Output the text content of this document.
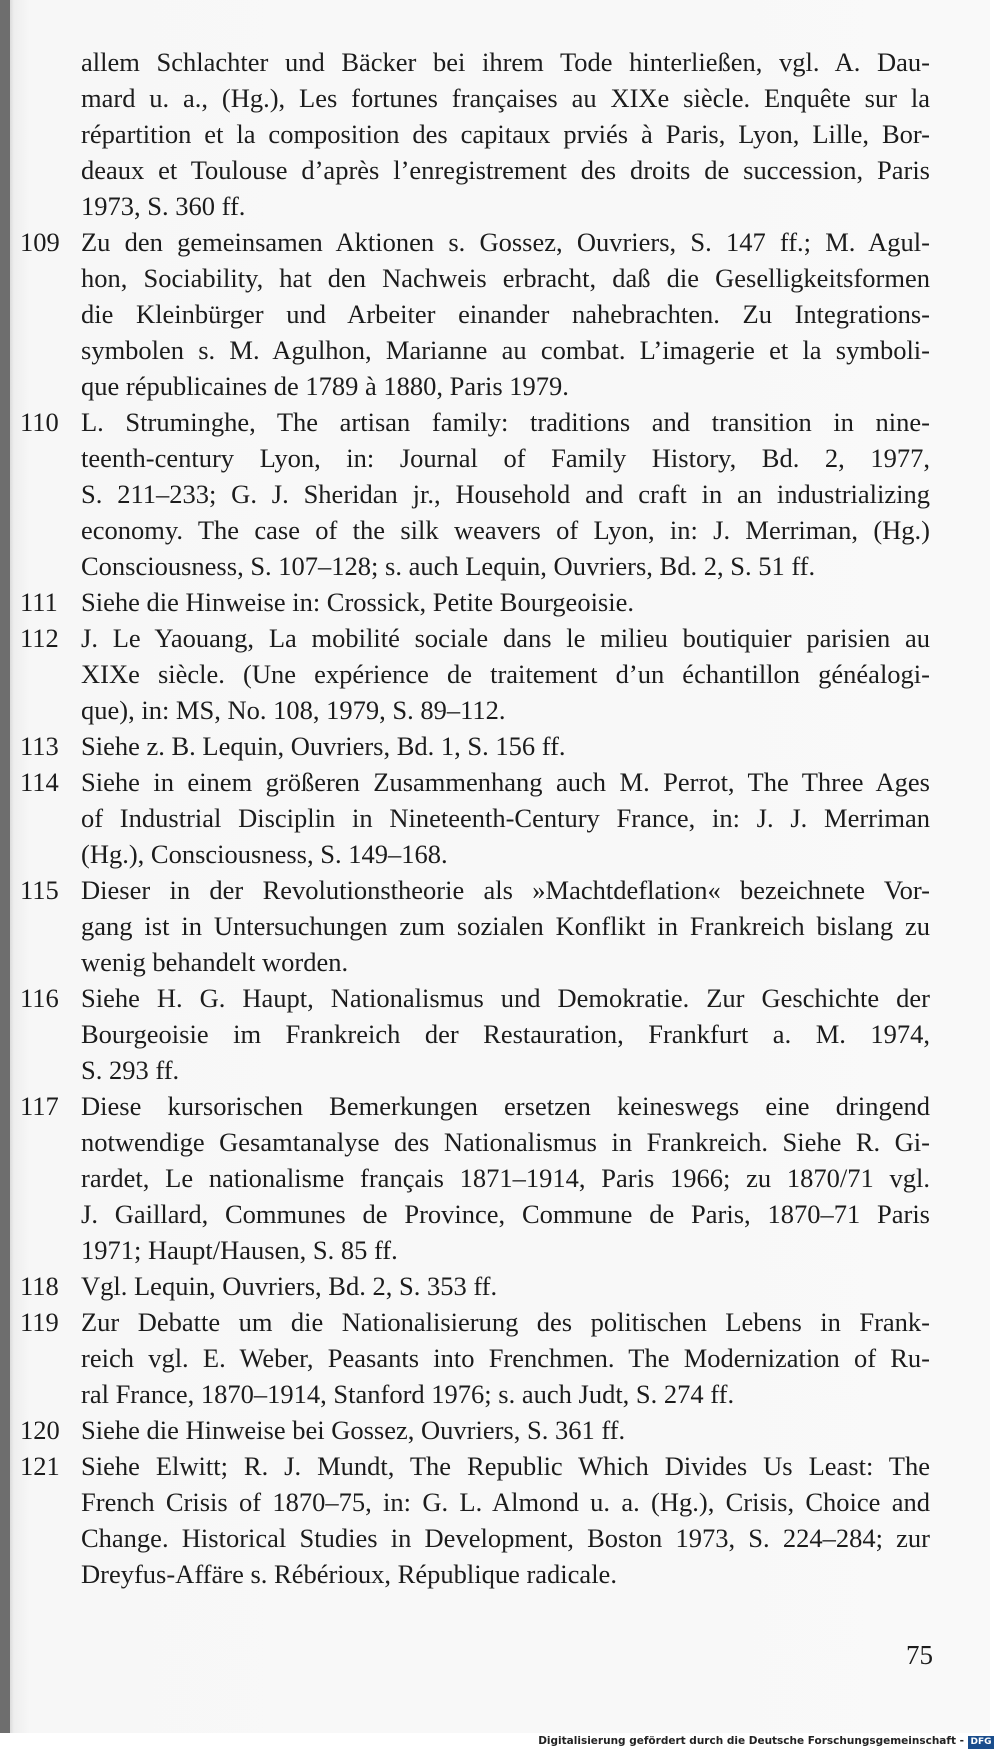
allem Schlachter und Bäcker bei ihrem Tode hinterließen, vgl. A. Dau-
mard u. a., (Hg.), Les fortunes françaises au XIXe siècle. Enquête sur la
répartition et la composition des capitaux prviés à Paris, Lyon, Lille, Bor-
deaux et Toulouse d’après l’enregistrement des droits de succession, Paris
1973, S. 360 ff.
109 Zu den gemeinsamen Aktionen s. Gossez, Ouvriers, S. 147 ff.; M. Agul-
hon, Sociability, hat den Nachweis erbracht, daß die Geselligkeitsformen
die Kleinbürger und Arbeiter einander nahebrachten. Zu Integrations-
symbolen s. M. Agulhon, Marianne au combat. L’imagerie et la symboli-
que républicaines de 1789 à 1880, Paris 1979.
110 L. Struminghe, The artisan family: traditions and transition in nine-
teenth-century Lyon, in: Journal of Family History, Bd. 2, 1977,
S. 211–233; G. J. Sheridan jr., Household and craft in an industrializing
economy. The case of the silk weavers of Lyon, in: J. Merriman, (Hg.)
Consciousness, S. 107–128; s. auch Lequin, Ouvriers, Bd. 2, S. 51 ff.
111 Siehe die Hinweise in: Crossick, Petite Bourgeoisie.
112 J. Le Yaouang, La mobilité sociale dans le milieu boutiquier parisien au
XIXe siècle. (Une expérience de traitement d’un échantillon généalogi-
que), in: MS, No. 108, 1979, S. 89–112.
113 Siehe z. B. Lequin, Ouvriers, Bd. 1, S. 156 ff.
114 Siehe in einem größeren Zusammenhang auch M. Perrot, The Three Ages
of Industrial Disciplin in Nineteenth-Century France, in: J. J. Merriman
(Hg.), Consciousness, S. 149–168.
115 Dieser in der Revolutionstheorie als »Machtdeflation« bezeichnete Vor-
gang ist in Untersuchungen zum sozialen Konflikt in Frankreich bislang zu
wenig behandelt worden.
116 Siehe H. G. Haupt, Nationalismus und Demokratie. Zur Geschichte der
Bourgeoisie im Frankreich der Restauration, Frankfurt a. M. 1974,
S. 293 ff.
117 Diese kursorischen Bemerkungen ersetzen keineswegs eine dringend
notwendige Gesamtanalyse des Nationalismus in Frankreich. Siehe R. Gi-
rardet, Le nationalisme français 1871–1914, Paris 1966; zu 1870/71 vgl.
J. Gaillard, Communes de Province, Commune de Paris, 1870–71 Paris
1971; Haupt/Hausen, S. 85 ff.
118 Vgl. Lequin, Ouvriers, Bd. 2, S. 353 ff.
119 Zur Debatte um die Nationalisierung des politischen Lebens in Frank-
reich vgl. E. Weber, Peasants into Frenchmen. The Modernization of Ru-
ral France, 1870–1914, Stanford 1976; s. auch Judt, S. 274 ff.
120 Siehe die Hinweise bei Gossez, Ouvriers, S. 361 ff.
121 Siehe Elwitt; R. J. Mundt, The Republic Which Divides Us Least: The
French Crisis of 1870–75, in: G. L. Almond u. a. (Hg.), Crisis, Choice and
Change. Historical Studies in Development, Boston 1973, S. 224–284; zur
Dreyfus-Affäre s. Rébérioux, République radicale.
75
Digitalisierung gefördert durch die Deutsche Forschungsgemeinschaft - DFG
